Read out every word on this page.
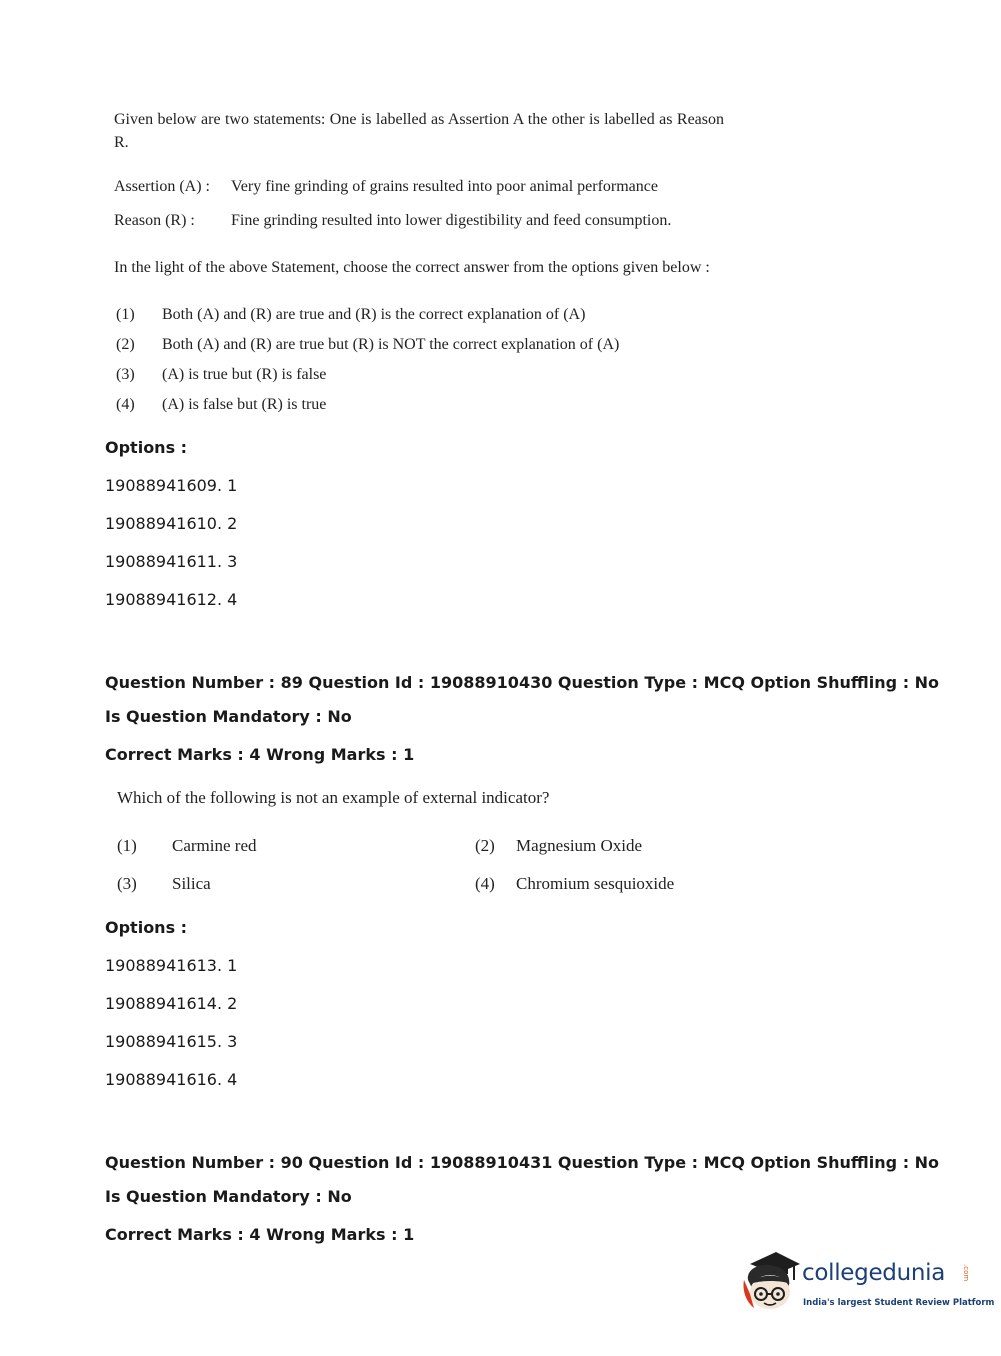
Given below are two statements: One is labelled as Assertion A the other is labelled as Reason R.
Assertion (A) : Very fine grinding of grains resulted into poor animal performance
Reason (R) : Fine grinding resulted into lower digestibility and feed consumption.
In the light of the above Statement, choose the correct answer from the options given below :
(1) Both (A) and (R) are true and (R) is the correct explanation of (A)
(2) Both (A) and (R) are true but (R) is NOT the correct explanation of (A)
(3) (A) is true but (R) is false
(4) (A) is false but (R) is true
Options :
19088941609. 1
19088941610. 2
19088941611. 3
19088941612. 4
Question Number : 89 Question Id : 19088910430 Question Type : MCQ Option Shuffling : No
Is Question Mandatory : No
Correct Marks : 4 Wrong Marks : 1
Which of the following is not an example of external indicator?
(1) Carmine red	(2) Magnesium Oxide
(3) Silica	(4) Chromium sesquioxide
Options :
19088941613. 1
19088941614. 2
19088941615. 3
19088941616. 4
Question Number : 90 Question Id : 19088910431 Question Type : MCQ Option Shuffling : No
Is Question Mandatory : No
Correct Marks : 4 Wrong Marks : 1
collegedunia .com
India's largest Student Review Platform
